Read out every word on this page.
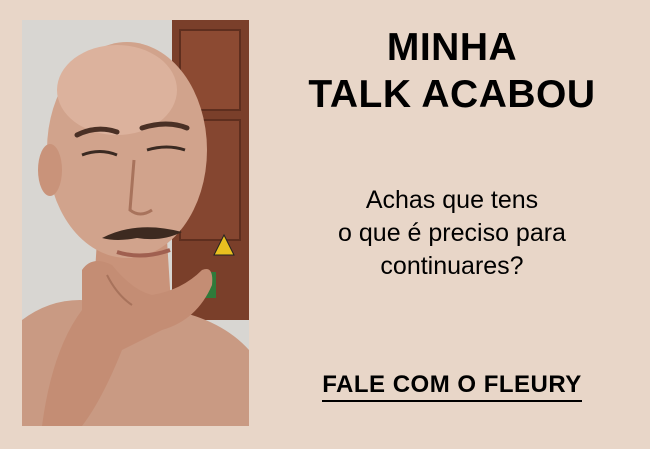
MINHA
TALK ACABOU
Achas que tens
o que é preciso para
continuares?
FALE COM O FLEURY
